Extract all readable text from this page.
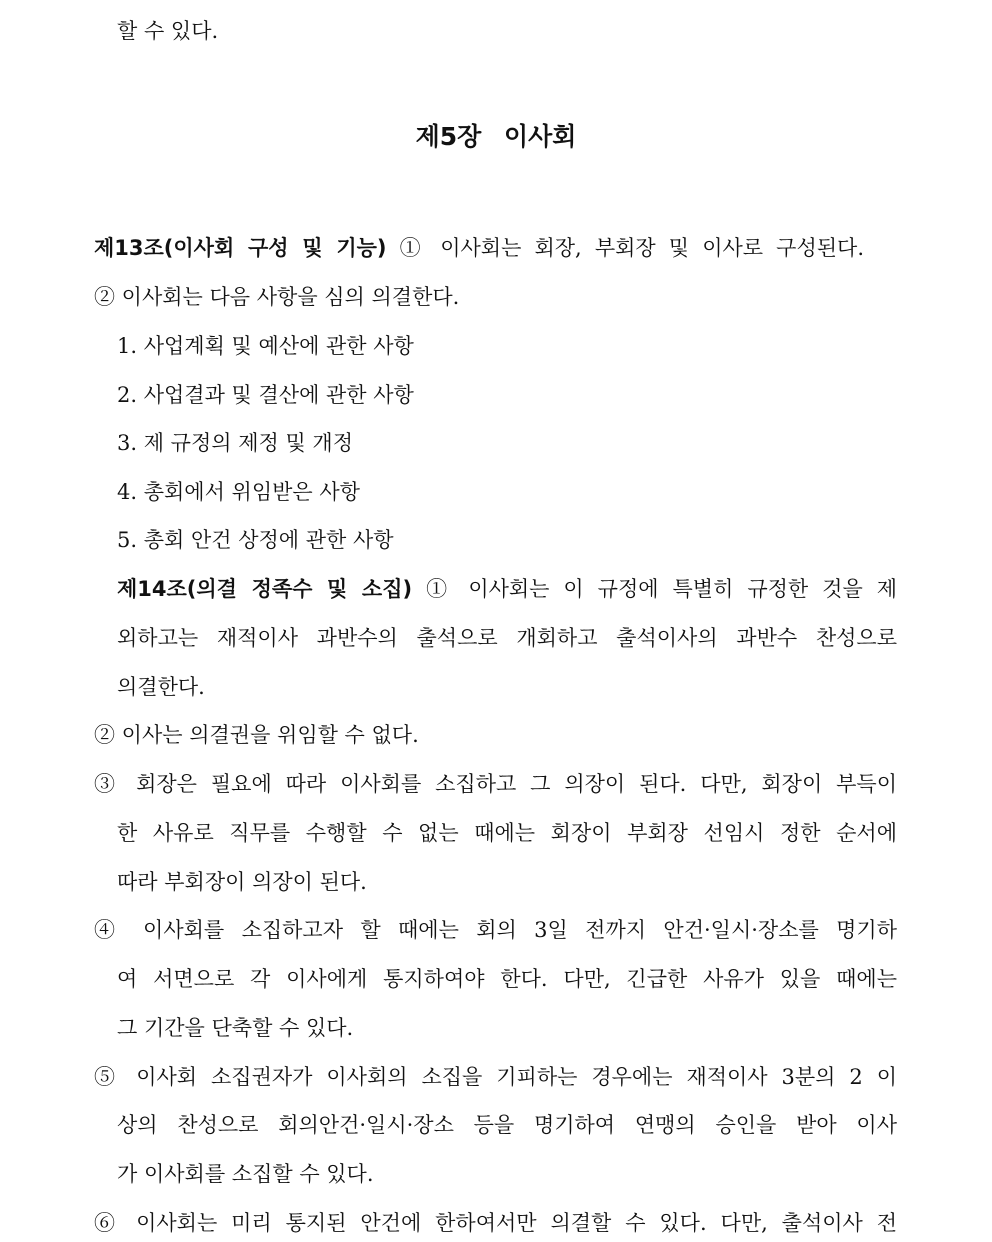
할 수 있다.
제5장 이사회
제13조(이사회 구성 및 기능) ① 이사회는 회장, 부회장 및 이사로 구성된다.
② 이사회는 다음 사항을 심의 의결한다.
1. 사업계획 및 예산에 관한 사항
2. 사업결과 및 결산에 관한 사항
3. 제 규정의 제정 및 개정
4. 총회에서 위임받은 사항
5. 총회 안건 상정에 관한 사항
제14조(의결 정족수 및 소집) ① 이사회는 이 규정에 특별히 규정한 것을 제
외하고는 재적이사 과반수의 출석으로 개회하고 출석이사의 과반수 찬성으로
의결한다.
② 이사는 의결권을 위임할 수 없다.
③ 회장은 필요에 따라 이사회를 소집하고 그 의장이 된다. 다만, 회장이 부득이
한 사유로 직무를 수행할 수 없는 때에는 회장이 부회장 선임시 정한 순서에
따라 부회장이 의장이 된다.
④ 이사회를 소집하고자 할 때에는 회의 3일 전까지 안건·일시·장소를 명기하
여 서면으로 각 이사에게 통지하여야 한다. 다만, 긴급한 사유가 있을 때에는
그 기간을 단축할 수 있다.
⑤ 이사회 소집권자가 이사회의 소집을 기피하는 경우에는 재적이사 3분의 2 이
상의 찬성으로 회의안건·일시·장소 등을 명기하여 연맹의 승인을 받아 이사
가 이사회를 소집할 수 있다.
⑥ 이사회는 미리 통지된 안건에 한하여서만 의결할 수 있다. 다만, 출석이사 전
